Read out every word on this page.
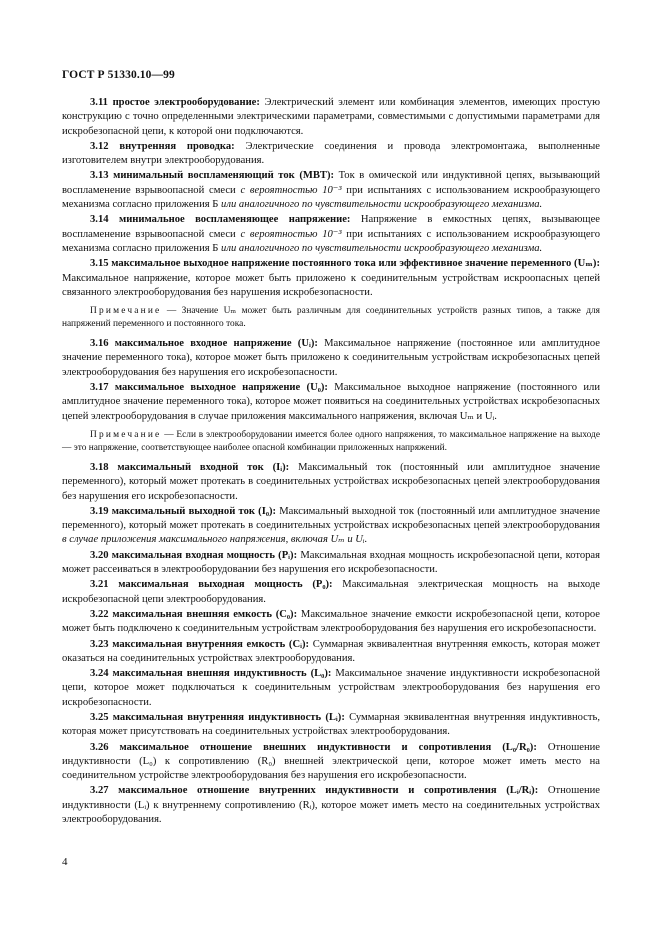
ГОСТ Р 51330.10—99

3.11 простое электрооборудование: Электрический элемент или комбинация элементов, имеющих простую конструкцию с точно определенными электрическими параметрами, совместимыми с допустимыми параметрами для искробезопасной цепи, к которой они подключаются.

3.12 внутренняя проводка: Электрические соединения и провода электромонтажа, выполненные изготовителем внутри электрооборудования.

3.13 минимальный воспламеняющий ток (MBT): Ток в омической или индуктивной цепях, вызывающий воспламенение взрывоопасной смеси с вероятностью 10⁻³ при испытаниях с использованием искрообразующего механизма согласно приложения Б или аналогичного по чувствительности искрообразующего механизма.

3.14 минимальное воспламеняющее напряжение: Напряжение в емкостных цепях, вызывающее воспламенение взрывоопасной смеси с вероятностью 10⁻³ при испытаниях с использованием искрообразующего механизма согласно приложения Б или аналогичного по чувствительности искрообразующего механизма.

3.15 максимальное выходное напряжение постоянного тока или эффективное значение переменного (Uₘ): Максимальное напряжение, которое может быть приложено к соединительным устройствам искроопасных цепей связанного электрооборудования без нарушения искробезопасности.

Примечание — Значение Uₘ может быть различным для соединительных устройств разных типов, а также для напряжений переменного и постоянного тока.

3.16 максимальное входное напряжение (Uᵢ): Максимальное напряжение (постоянное или амплитудное значение переменного тока), которое может быть приложено к соединительным устройствам искробезопасных цепей электрооборудования без нарушения его искробезопасности.

3.17 максимальное выходное напряжение (U₀): Максимальное выходное напряжение (постоянного или амплитудное значение переменного тока), которое может появиться на соединительных устройствах искробезопасных цепей электрооборудования в случае приложения максимального напряжения, включая Uₘ и Uᵢ.

Примечание — Если в электрооборудовании имеется более одного напряжения, то максимальное напряжение на выходе — это напряжение, соответствующее наиболее опасной комбинации приложенных напряжений.

3.18 максимальный входной ток (Iᵢ): Максимальный ток (постоянный или амплитудное значение переменного), который может протекать в соединительных устройствах искробезопасных цепей электрооборудования без нарушения его искробезопасности.

3.19 максимальный выходной ток (I₀): Максимальный выходной ток (постоянный или амплитудное значение переменного), который может протекать в соединительных устройствах искробезопасных цепей электрооборудования в случае приложения максимального напряжения, включая Uₘ и Uᵢ.

3.20 максимальная входная мощность (Pᵢ): Максимальная входная мощность искробезопасной цепи, которая может рассеиваться в электрооборудовании без нарушения его искробезопасности.

3.21 максимальная выходная мощность (P₀): Максимальная электрическая мощность на выходе искробезопасной цепи электрооборудования.

3.22 максимальная внешняя емкость (C₀): Максимальное значение емкости искробезопасной цепи, которое может быть подключено к соединительным устройствам электрооборудования без нарушения его искробезопасности.

3.23 максимальная внутренняя емкость (Cᵢ): Суммарная эквивалентная внутренняя емкость, которая может оказаться на соединительных устройствах электрооборудования.

3.24 максимальная внешняя индуктивность (L₀): Максимальное значение индуктивности искробезопасной цепи, которое может подключаться к соединительным устройствам электрооборудования без нарушения его искробезопасности.

3.25 максимальная внутренняя индуктивность (Lᵢ): Суммарная эквивалентная внутренняя индуктивность, которая может присутствовать на соединительных устройствах электрооборудования.

3.26 максимальное отношение внешних индуктивности и сопротивления (L₀/R₀): Отношение индуктивности (L₀) к сопротивлению (R₀) внешней электрической цепи, которое может иметь место на соединительном устройстве электрооборудования без нарушения его искробезопасности.

3.27 максимальное отношение внутренних индуктивности и сопротивления (Lᵢ/Rᵢ): Отношение индуктивности (Lᵢ) к внутреннему сопротивлению (Rᵢ), которое может иметь место на соединительных устройствах электрооборудования.

4
